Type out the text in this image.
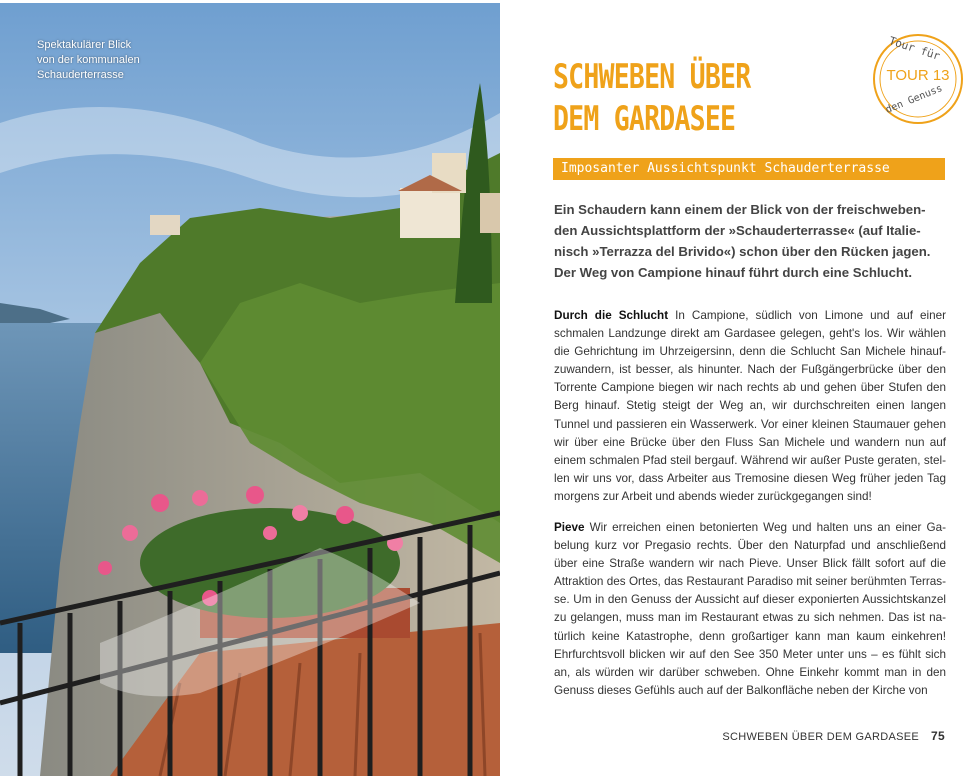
Spektakulärer Blick
von der kommunalen
Schauderterrasse	SCHWEBEN ÜBER
DEM GARDASEE
Tour für
TOUR 13
den Genuss
Imposanter Aussichtspunkt Schauderterrasse
Ein Schaudern kann einem der Blick von der freischweben-den Aussichtsplattform der »Schauderterrasse« (auf Italie-nisch »Terrazza del Brivido«) schon über den Rücken jagen. Der Weg von Campione hinauf führt durch eine Schlucht.
Durch die Schlucht In Campione, südlich von Limone und auf einer schmalen Landzunge direkt am Gardasee gelegen, geht's los. Wir wählen die Gehrichtung im Uhrzeigersinn, denn die Schlucht San Michele hinauf-zuwandern, ist besser, als hinunter. Nach der Fußgängerbrücke über den Torrente Campione biegen wir nach rechts ab und gehen über Stufen den Berg hinauf. Stetig steigt der Weg an, wir durchschreiten einen langen Tunnel und passieren ein Wasserwerk. Vor einer kleinen Staumauer gehen wir über eine Brücke über den Fluss San Michele und wandern nun auf einem schmalen Pfad steil bergauf. Während wir außer Puste geraten, stel-len wir uns vor, dass Arbeiter aus Tremosine diesen Weg früher jeden Tag morgens zur Arbeit und abends wieder zurückgegangen sind!
Pieve Wir erreichen einen betonierten Weg und halten uns an einer Ga-belung kurz vor Pregasio rechts. Über den Naturpfad und anschließend über eine Straße wandern wir nach Pieve. Unser Blick fällt sofort auf die Attraktion des Ortes, das Restaurant Paradiso mit seiner berühmten Terras-se. Um in den Genuss der Aussicht auf dieser exponierten Aussichtskanzel zu gelangen, muss man im Restaurant etwas zu sich nehmen. Das ist na-türlich keine Katastrophe, denn großartiger kann man kaum einkehren! Ehrfurchtsvoll blicken wir auf den See 350 Meter unter uns – es fühlt sich an, als würden wir darüber schweben. Ohne Einkehr kommt man in den Genuss dieses Gefühls auch auf der Balkonfläche neben der Kirche von
SCHWEBEN ÜBER DEM GARDASEE 75
